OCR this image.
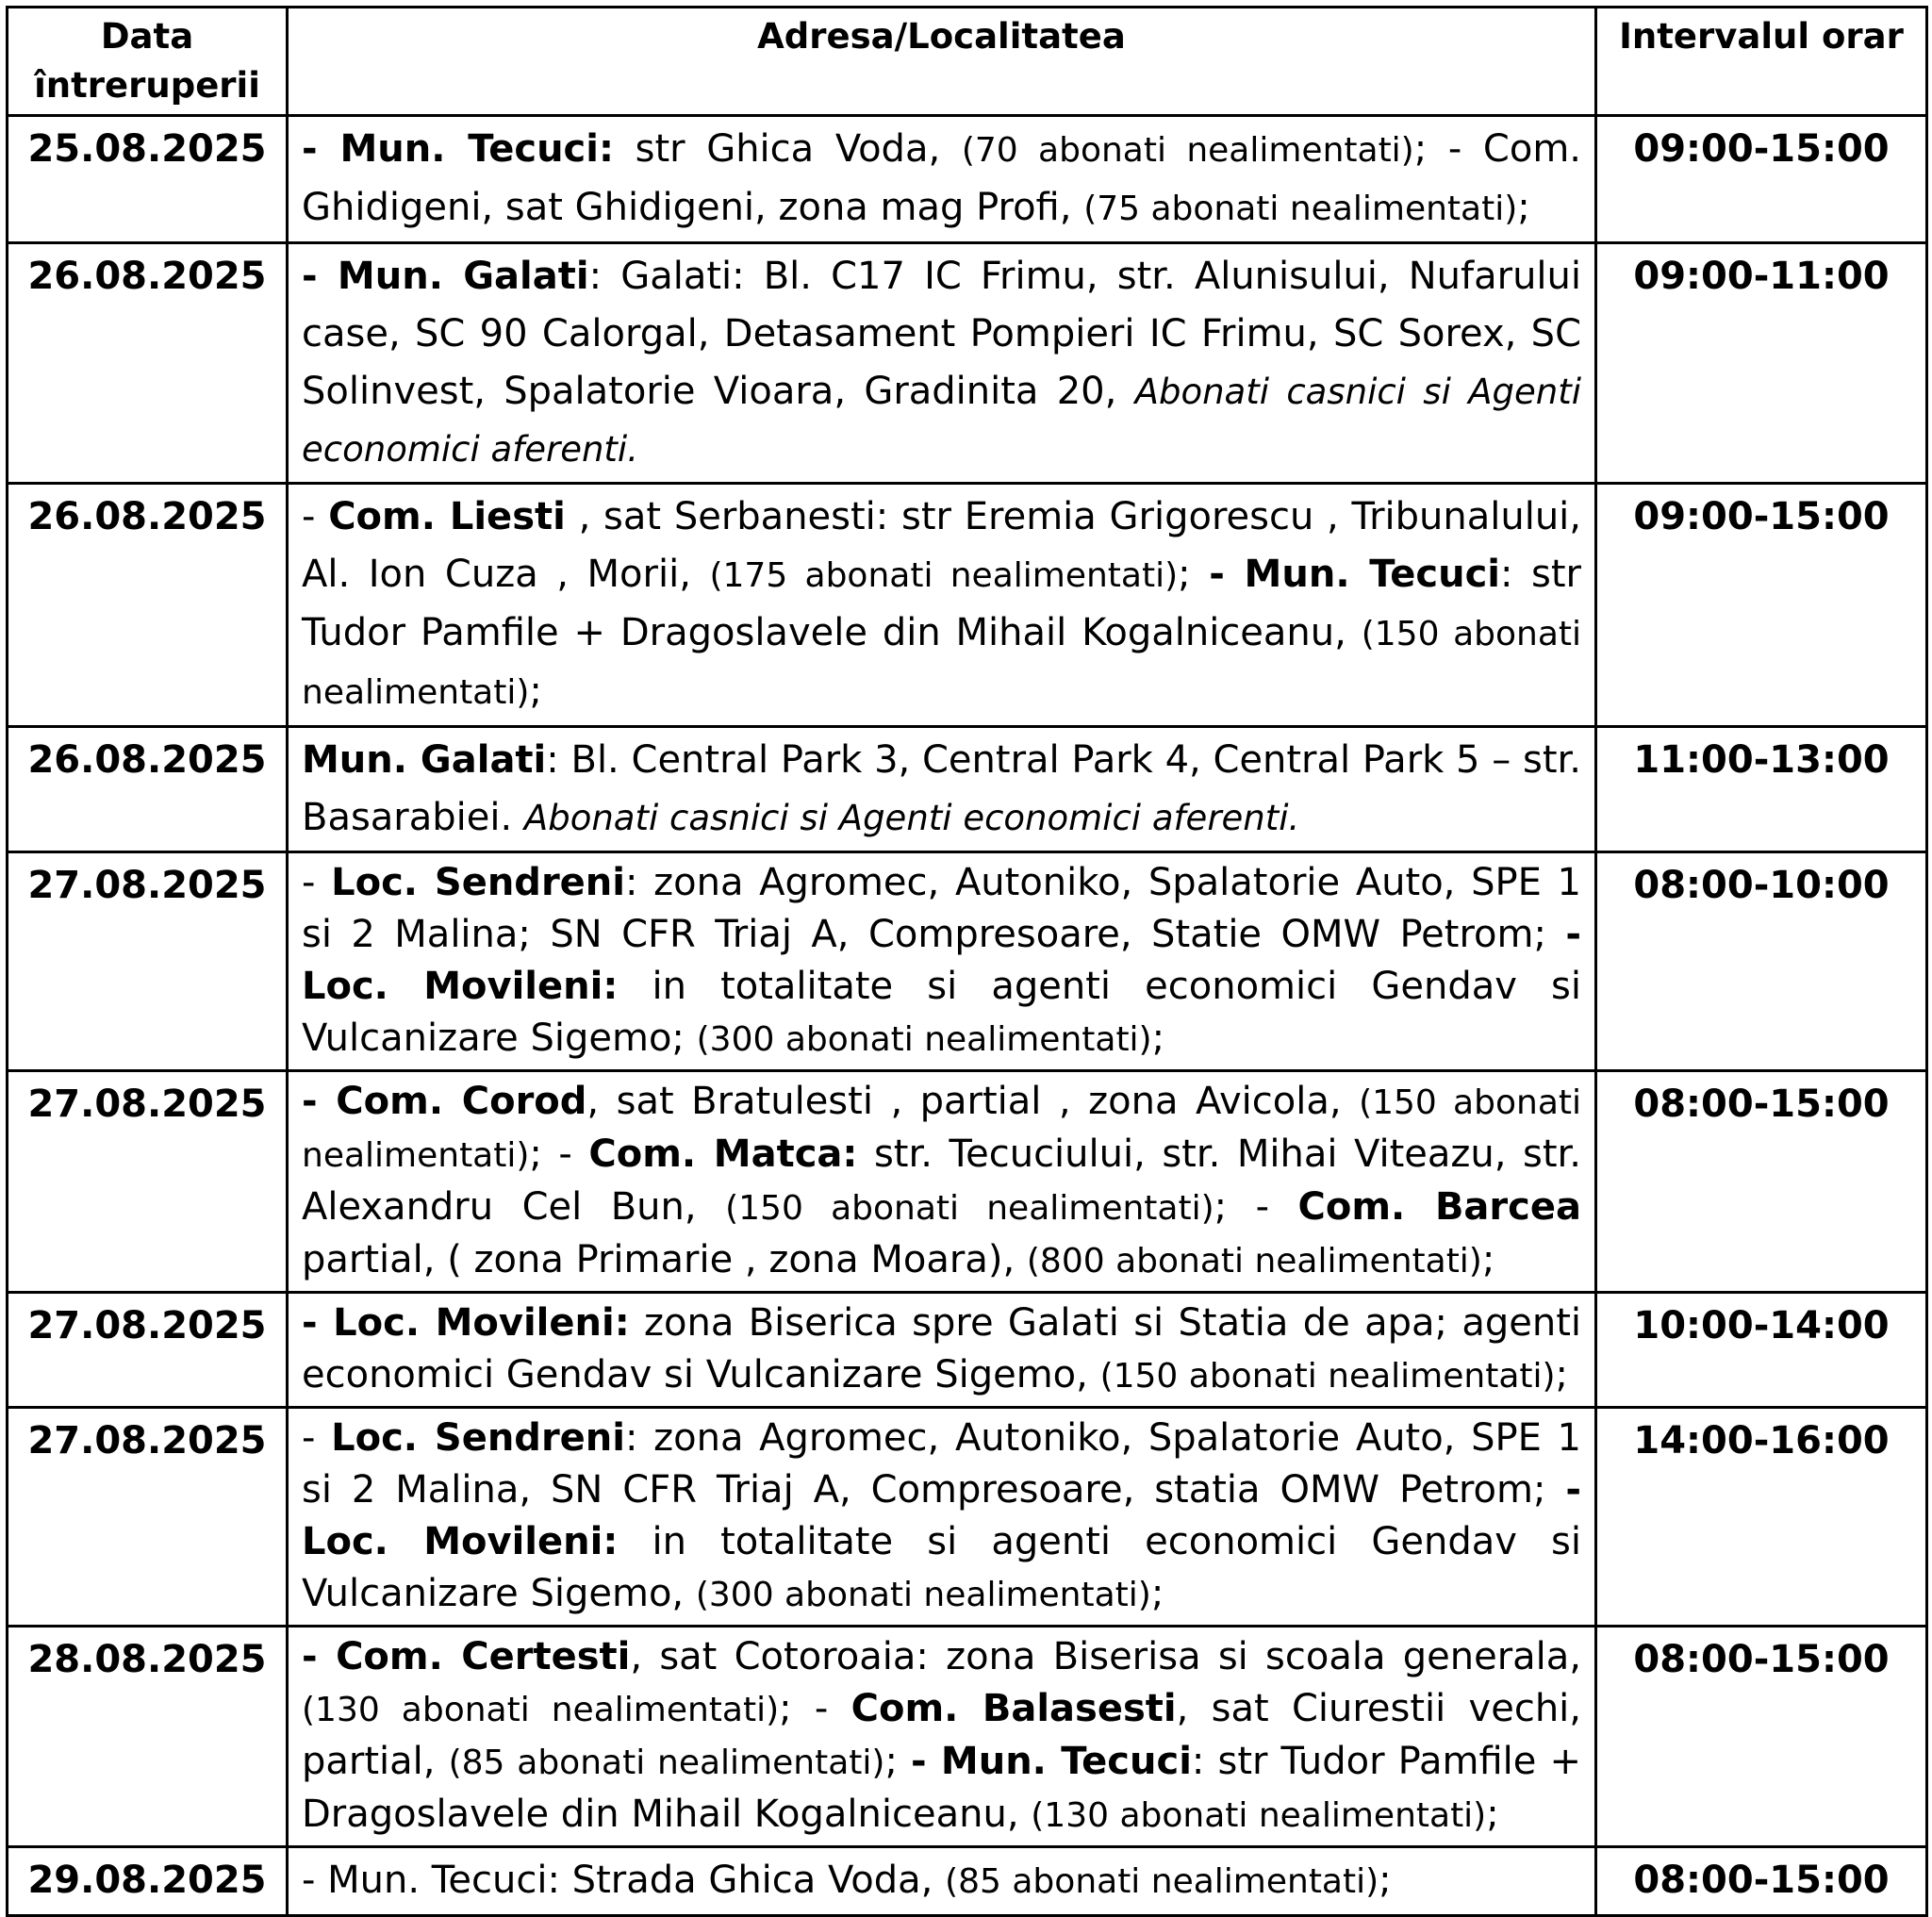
Data întreruperii	Adresa/Localitatea	Intervalul orar
25.08.2025	- Mun. Tecuci: str Ghica Voda, (70 abonati nealimentati); - Com. Ghidigeni, sat Ghidigeni, zona mag Profi, (75 abonati nealimentati);	09:00-15:00
26.08.2025	- Mun. Galati: Galati: Bl. C17 IC Frimu, str. Alunisului, Nufarului case, SC 90 Calorgal, Detasament Pompieri IC Frimu, SC Sorex, SC Solinvest, Spalatorie Vioara, Gradinita 20, Abonati casnici si Agenti economici aferenti.	09:00-11:00
26.08.2025	- Com. Liesti , sat Serbanesti: str Eremia Grigorescu , Tribunalului, Al. Ion Cuza , Morii, (175 abonati nealimentati); - Mun. Tecuci: str Tudor Pamfile + Dragoslavele din Mihail Kogalniceanu, (150 abonati nealimentati);	09:00-15:00
26.08.2025	Mun. Galati: Bl. Central Park 3, Central Park 4, Central Park 5 – str. Basarabiei. Abonati casnici si Agenti economici aferenti.	11:00-13:00
27.08.2025	- Loc. Sendreni: zona Agromec, Autoniko, Spalatorie Auto, SPE 1 si 2 Malina; SN CFR Triaj A, Compresoare, Statie OMW Petrom; - Loc. Movileni: in totalitate si agenti economici Gendav si Vulcanizare Sigemo; (300 abonati nealimentati);	08:00-10:00
27.08.2025	- Com. Corod, sat Bratulesti , partial , zona Avicola, (150 abonati nealimentati); - Com. Matca: str. Tecuciului, str. Mihai Viteazu, str. Alexandru Cel Bun, (150 abonati nealimentati); - Com. Barcea partial, ( zona Primarie , zona Moara), (800 abonati nealimentati);	08:00-15:00
27.08.2025	- Loc. Movileni: zona Biserica spre Galati si Statia de apa; agenti economici Gendav si Vulcanizare Sigemo, (150 abonati nealimentati);	10:00-14:00
27.08.2025	- Loc. Sendreni: zona Agromec, Autoniko, Spalatorie Auto, SPE 1 si 2 Malina, SN CFR Triaj A, Compresoare, statia OMW Petrom; - Loc. Movileni: in totalitate si agenti economici Gendav si Vulcanizare Sigemo, (300 abonati nealimentati);	14:00-16:00
28.08.2025	- Com. Certesti, sat Cotoroaia: zona Biserisa si scoala generala, (130 abonati nealimentati); - Com. Balasesti, sat Ciurestii vechi, partial, (85 abonati nealimentati); - Mun. Tecuci: str Tudor Pamfile + Dragoslavele din Mihail Kogalniceanu, (130 abonati nealimentati);	08:00-15:00
29.08.2025	- Mun. Tecuci: Strada Ghica Voda, (85 abonati nealimentati);	08:00-15:00
